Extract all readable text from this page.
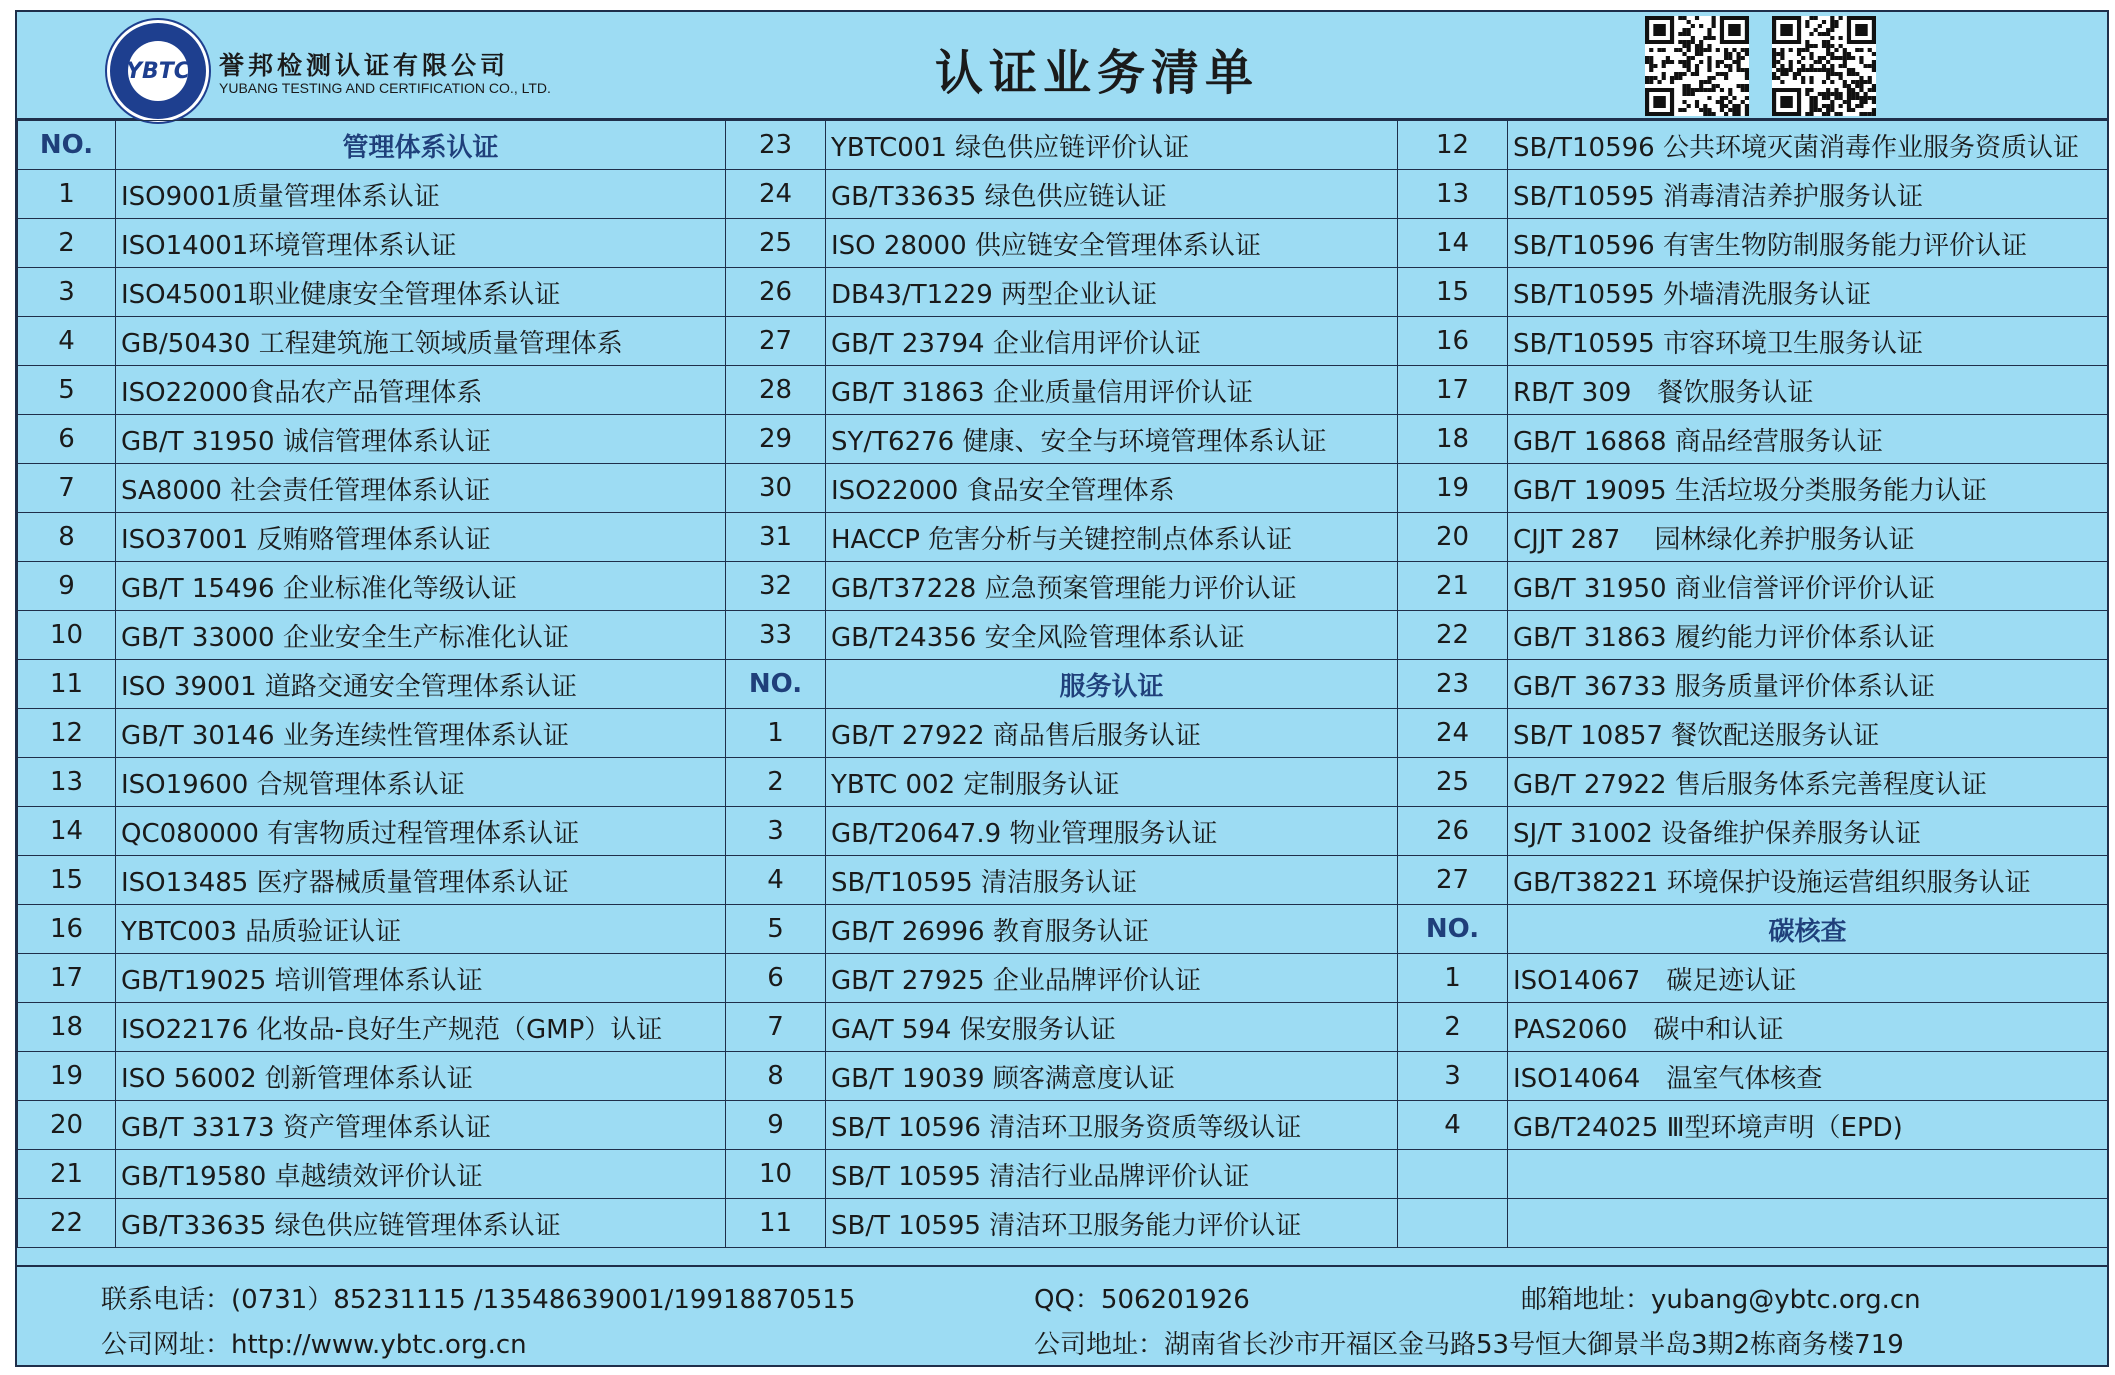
YBTC 誉邦检测认证有限公司
YUBANG TESTING AND CERTIFICATION CO., LTD.	认证业务清单
NO.	管理体系认证	23	YBTC001 绿色供应链评价认证	12	SB/T10596 公共环境灭菌消毒作业服务资质认证
1	ISO9001质量管理体系认证	24	GB/T33635 绿色供应链认证	13	SB/T10595 消毒清洁养护服务认证
2	ISO14001环境管理体系认证	25	ISO 28000 供应链安全管理体系认证	14	SB/T10596 有害生物防制服务能力评价认证
3	ISO45001职业健康安全管理体系认证	26	DB43/T1229 两型企业认证	15	SB/T10595 外墙清洗服务认证
4	GB/50430 工程建筑施工领域质量管理体系	27	GB/T 23794 企业信用评价认证	16	SB/T10595 市容环境卫生服务认证
5	ISO22000食品农产品管理体系	28	GB/T 31863 企业质量信用评价认证	17	RB/T 309　餐饮服务认证
6	GB/T 31950 诚信管理体系认证	29	SY/T6276 健康、安全与环境管理体系认证	18	GB/T 16868 商品经营服务认证
7	SA8000 社会责任管理体系认证	30	ISO22000 食品安全管理体系	19	GB/T 19095 生活垃圾分类服务能力认证
8	ISO37001 反贿赂管理体系认证	31	HACCP 危害分析与关键控制点体系认证	20	CJJT 287　 园林绿化养护服务认证
9	GB/T 15496 企业标准化等级认证	32	GB/T37228 应急预案管理能力评价认证	21	GB/T 31950 商业信誉评价评价认证
10	GB/T 33000 企业安全生产标准化认证	33	GB/T24356 安全风险管理体系认证	22	GB/T 31863 履约能力评价体系认证
11	ISO 39001 道路交通安全管理体系认证	NO.	服务认证	23	GB/T 36733 服务质量评价体系认证
12	GB/T 30146 业务连续性管理体系认证	1	GB/T 27922 商品售后服务认证	24	SB/T 10857 餐饮配送服务认证
13	ISO19600 合规管理体系认证	2	YBTC 002 定制服务认证	25	GB/T 27922 售后服务体系完善程度认证
14	QC080000 有害物质过程管理体系认证	3	GB/T20647.9 物业管理服务认证	26	SJ/T 31002 设备维护保养服务认证
15	ISO13485 医疗器械质量管理体系认证	4	SB/T10595 清洁服务认证	27	GB/T38221 环境保护设施运营组织服务认证
16	YBTC003 品质验证认证	5	GB/T 26996 教育服务认证	NO.	碳核查
17	GB/T19025 培训管理体系认证	6	GB/T 27925 企业品牌评价认证	1	ISO14067　碳足迹认证
18	ISO22176 化妆品-良好生产规范（GMP）认证	7	GA/T 594 保安服务认证	2	PAS2060　碳中和认证
19	ISO 56002 创新管理体系认证	8	GB/T 19039 顾客满意度认证	3	ISO14064　温室气体核查
20	GB/T 33173 资产管理体系认证	9	SB/T 10596 清洁环卫服务资质等级认证	4	GB/T24025 Ⅲ型环境声明（EPD)
21	GB/T19580 卓越绩效评价认证	10	SB/T 10595 清洁行业品牌评价认证		
22	GB/T33635 绿色供应链管理体系认证	11	SB/T 10595 清洁环卫服务能力评价认证		
联系电话：(0731）85231115 /13548639001/19918870515	QQ：506201926	邮箱地址：yubang@ybtc.org.cn
公司网址：http://www.ybtc.org.cn	公司地址：湖南省长沙市开福区金马路53号恒大御景半岛3期2栋商务楼719
